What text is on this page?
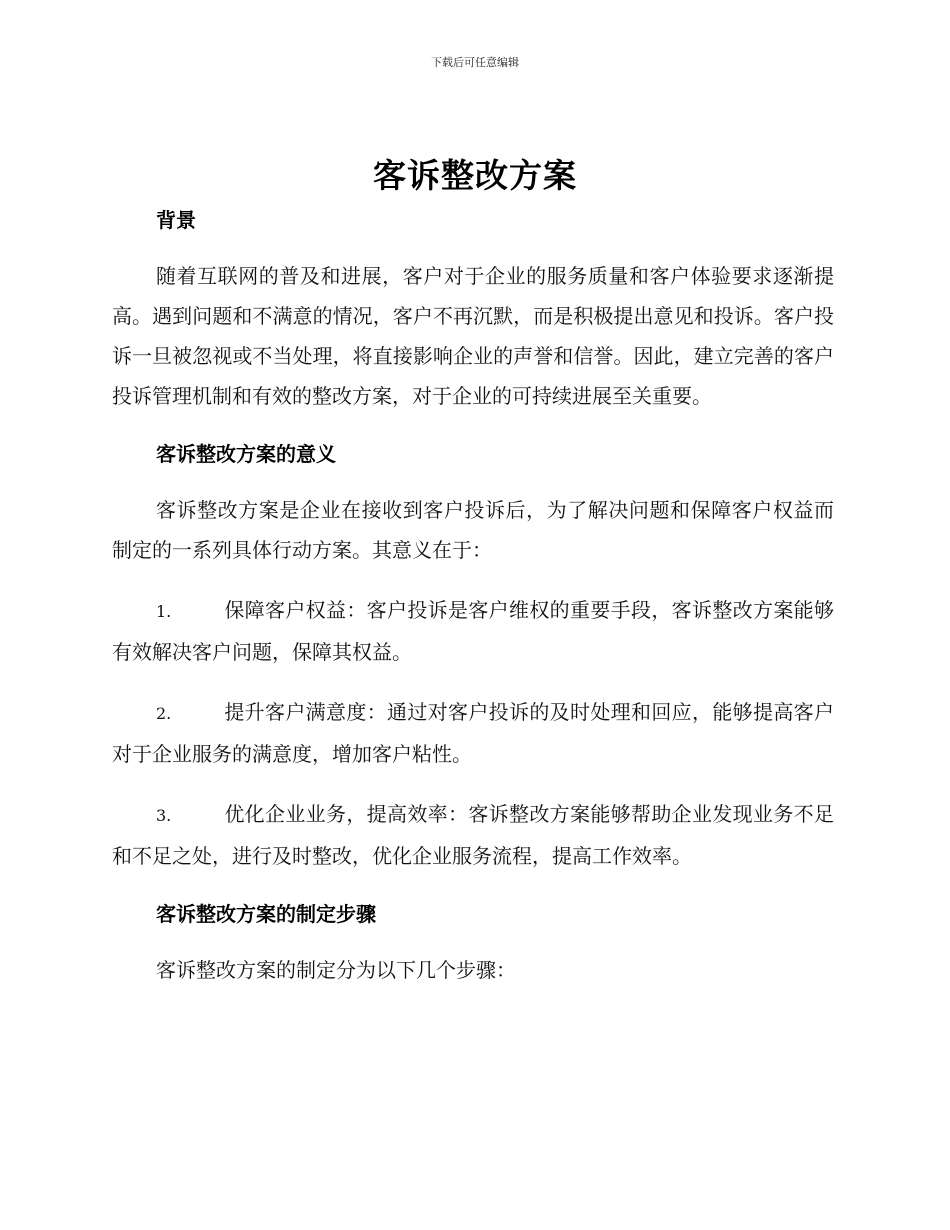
下载后可任意编辑
客诉整改方案
背景

随着互联网的普及和进展，客户对于企业的服务质量和客户体验要求逐渐提高。遇到问题和不满意的情况，客户不再沉默，而是积极提出意见和投诉。客户投诉一旦被忽视或不当处理，将直接影响企业的声誉和信誉。因此，建立完善的客户投诉管理机制和有效的整改方案，对于企业的可持续进展至关重要。

客诉整改方案的意义

客诉整改方案是企业在接收到客户投诉后，为了解决问题和保障客户权益而制定的一系列具体行动方案。其意义在于：

1.	保障客户权益：客户投诉是客户维权的重要手段，客诉整改方案能够有效解决客户问题，保障其权益。

2.	提升客户满意度：通过对客户投诉的及时处理和回应，能够提高客户对于企业服务的满意度，增加客户粘性。

3.	优化企业业务，提高效率：客诉整改方案能够帮助企业发现业务不足和不足之处，进行及时整改，优化企业服务流程，提高工作效率。

客诉整改方案的制定步骤

客诉整改方案的制定分为以下几个步骤：
